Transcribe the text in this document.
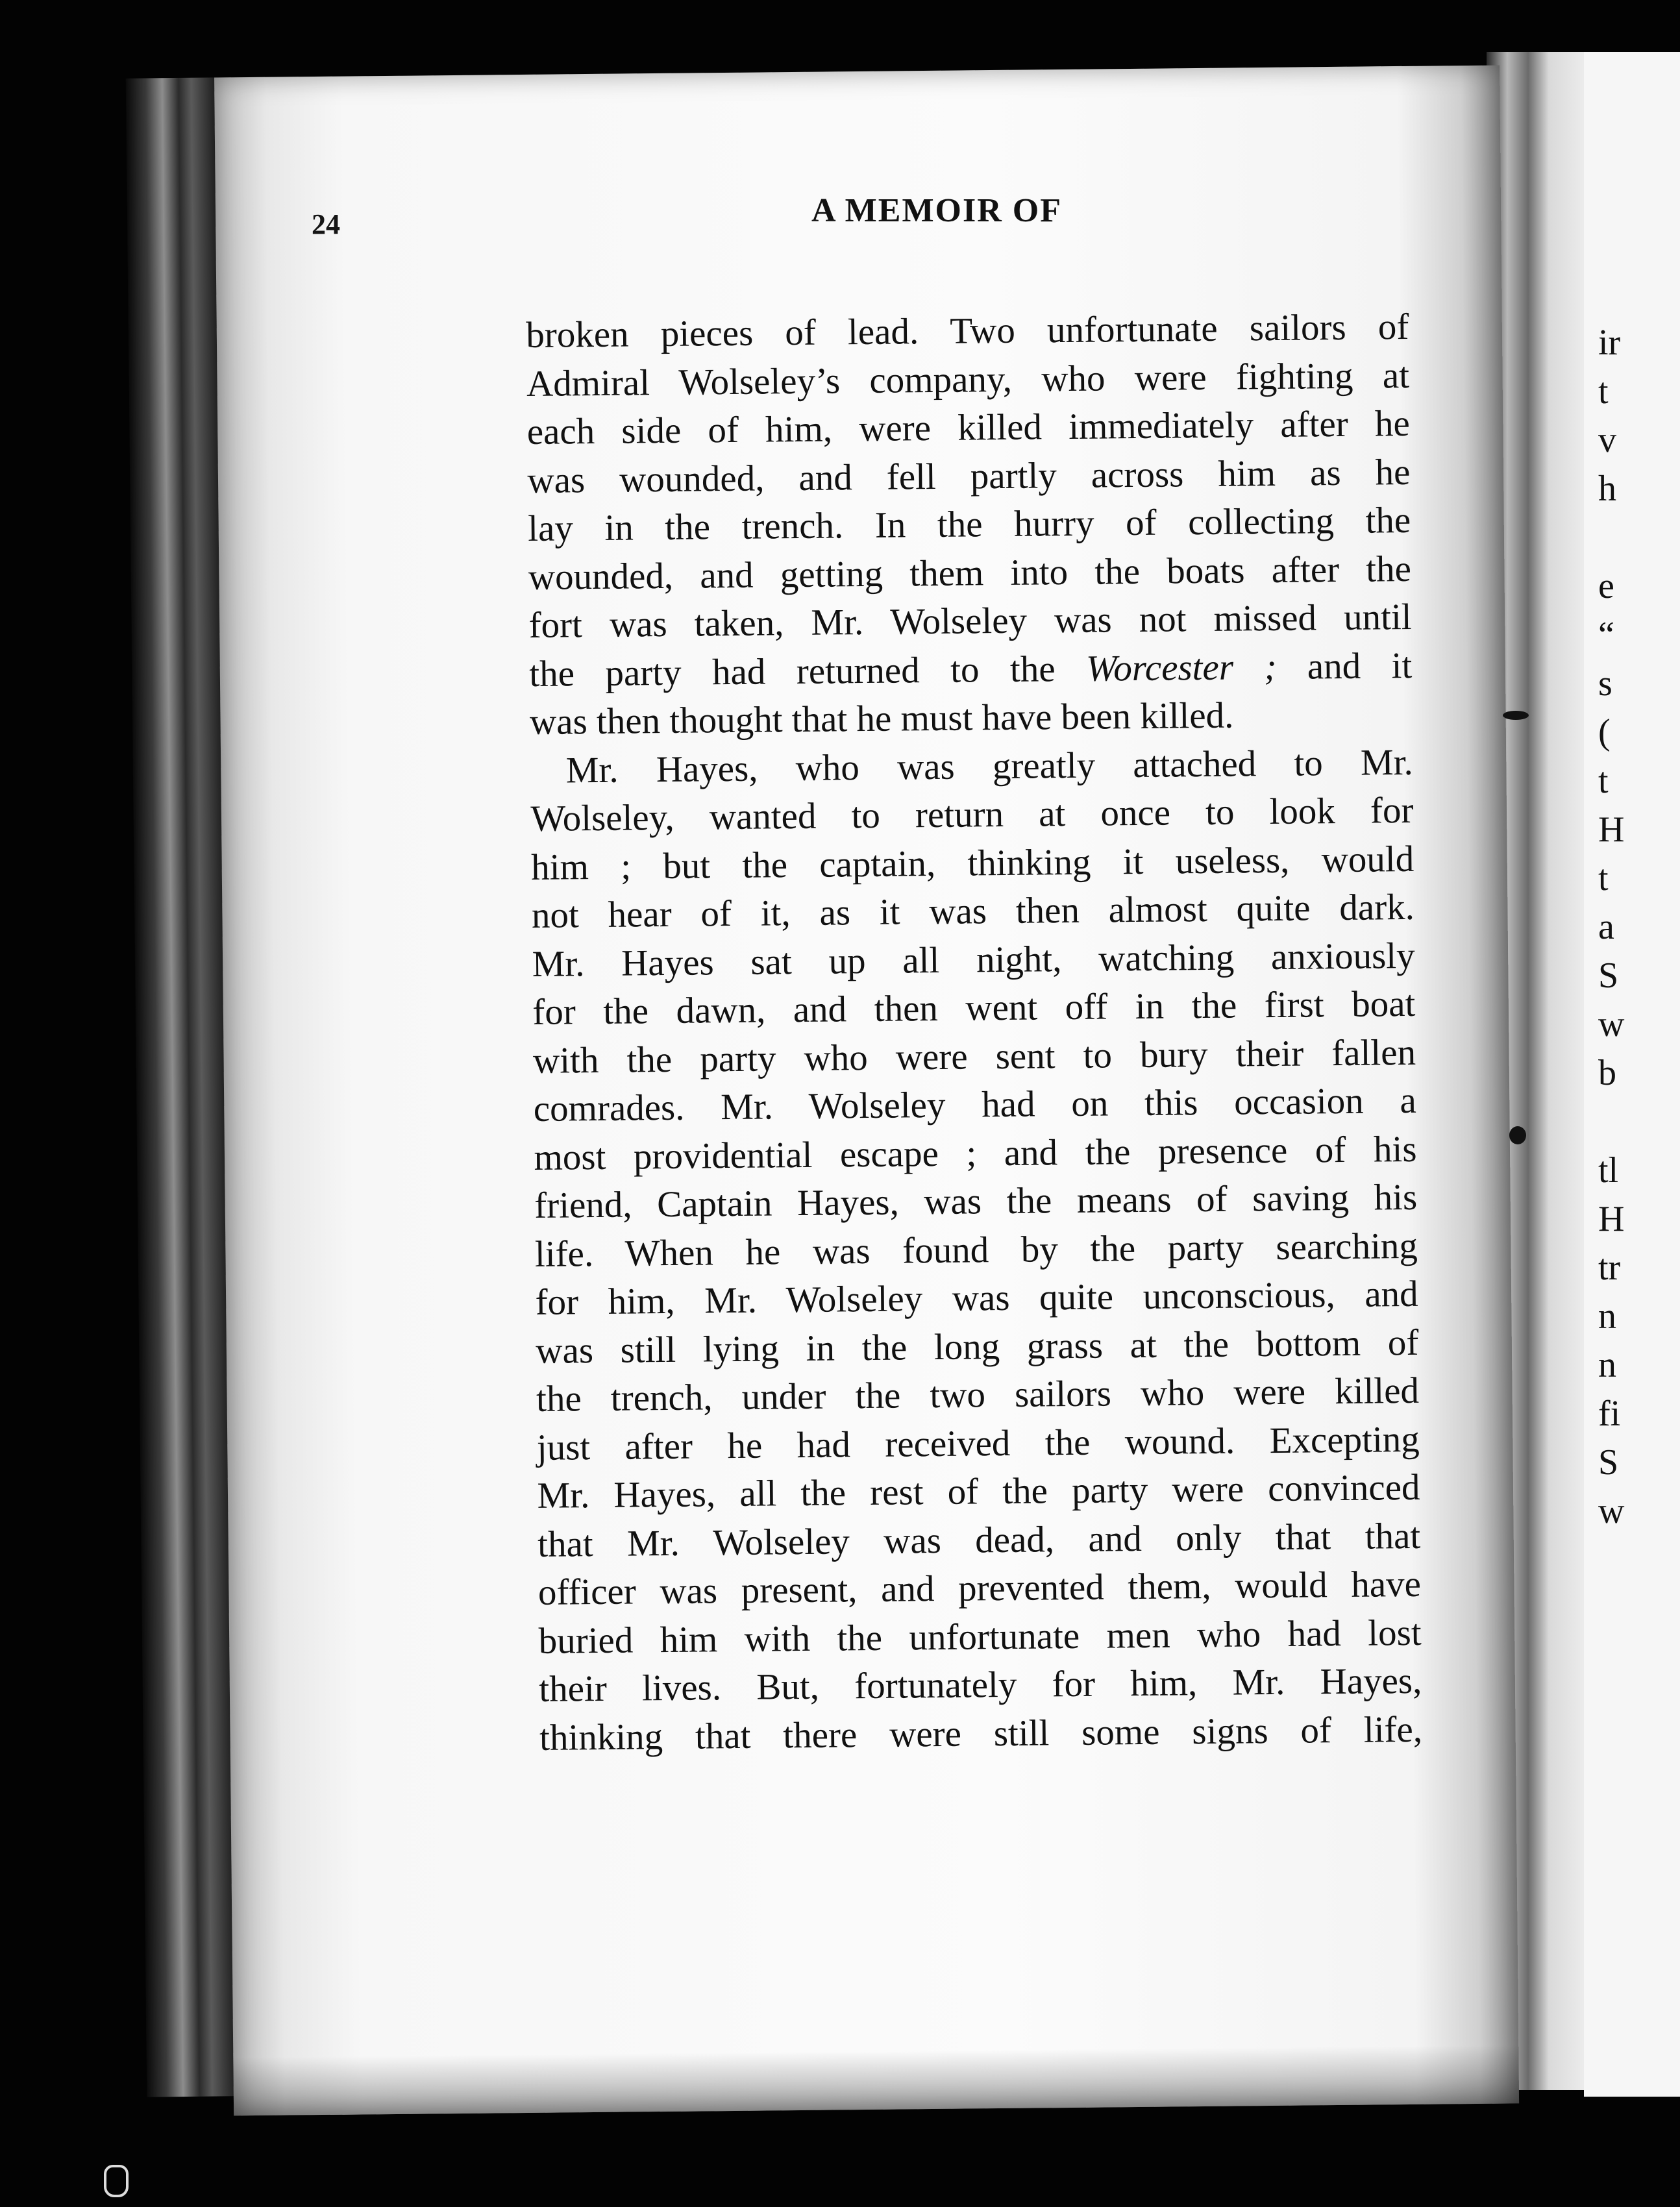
ir
t
v
h
e
“
s
(
t
H
t
a
S
w
b
tl
H
tr
n
n
fi
S
w
24	A MEMOIR OF
broken pieces of lead. Two unfortunate sailors of
Admiral Wolseley’s company, who were fighting at
each side of him, were killed immediately after he
was wounded, and fell partly across him as he
lay in the trench. In the hurry of collecting the
wounded, and getting them into the boats after the
fort was taken, Mr. Wolseley was not missed until
the party had returned to the Worcester ; and it
was then thought that he must have been killed.
Mr. Hayes, who was greatly attached to Mr.
Wolseley, wanted to return at once to look for
him ; but the captain, thinking it useless, would
not hear of it, as it was then almost quite dark.
Mr. Hayes sat up all night, watching anxiously
for the dawn, and then went off in the first boat
with the party who were sent to bury their fallen
comrades. Mr. Wolseley had on this occasion a
most providential escape ; and the presence of his
friend, Captain Hayes, was the means of saving his
life. When he was found by the party searching
for him, Mr. Wolseley was quite unconscious, and
was still lying in the long grass at the bottom of
the trench, under the two sailors who were killed
just after he had received the wound. Excepting
Mr. Hayes, all the rest of the party were convinced
that Mr. Wolseley was dead, and only that that
officer was present, and prevented them, would have
buried him with the unfortunate men who had lost
their lives. But, fortunately for him, Mr. Hayes,
thinking that there were still some signs of life,
